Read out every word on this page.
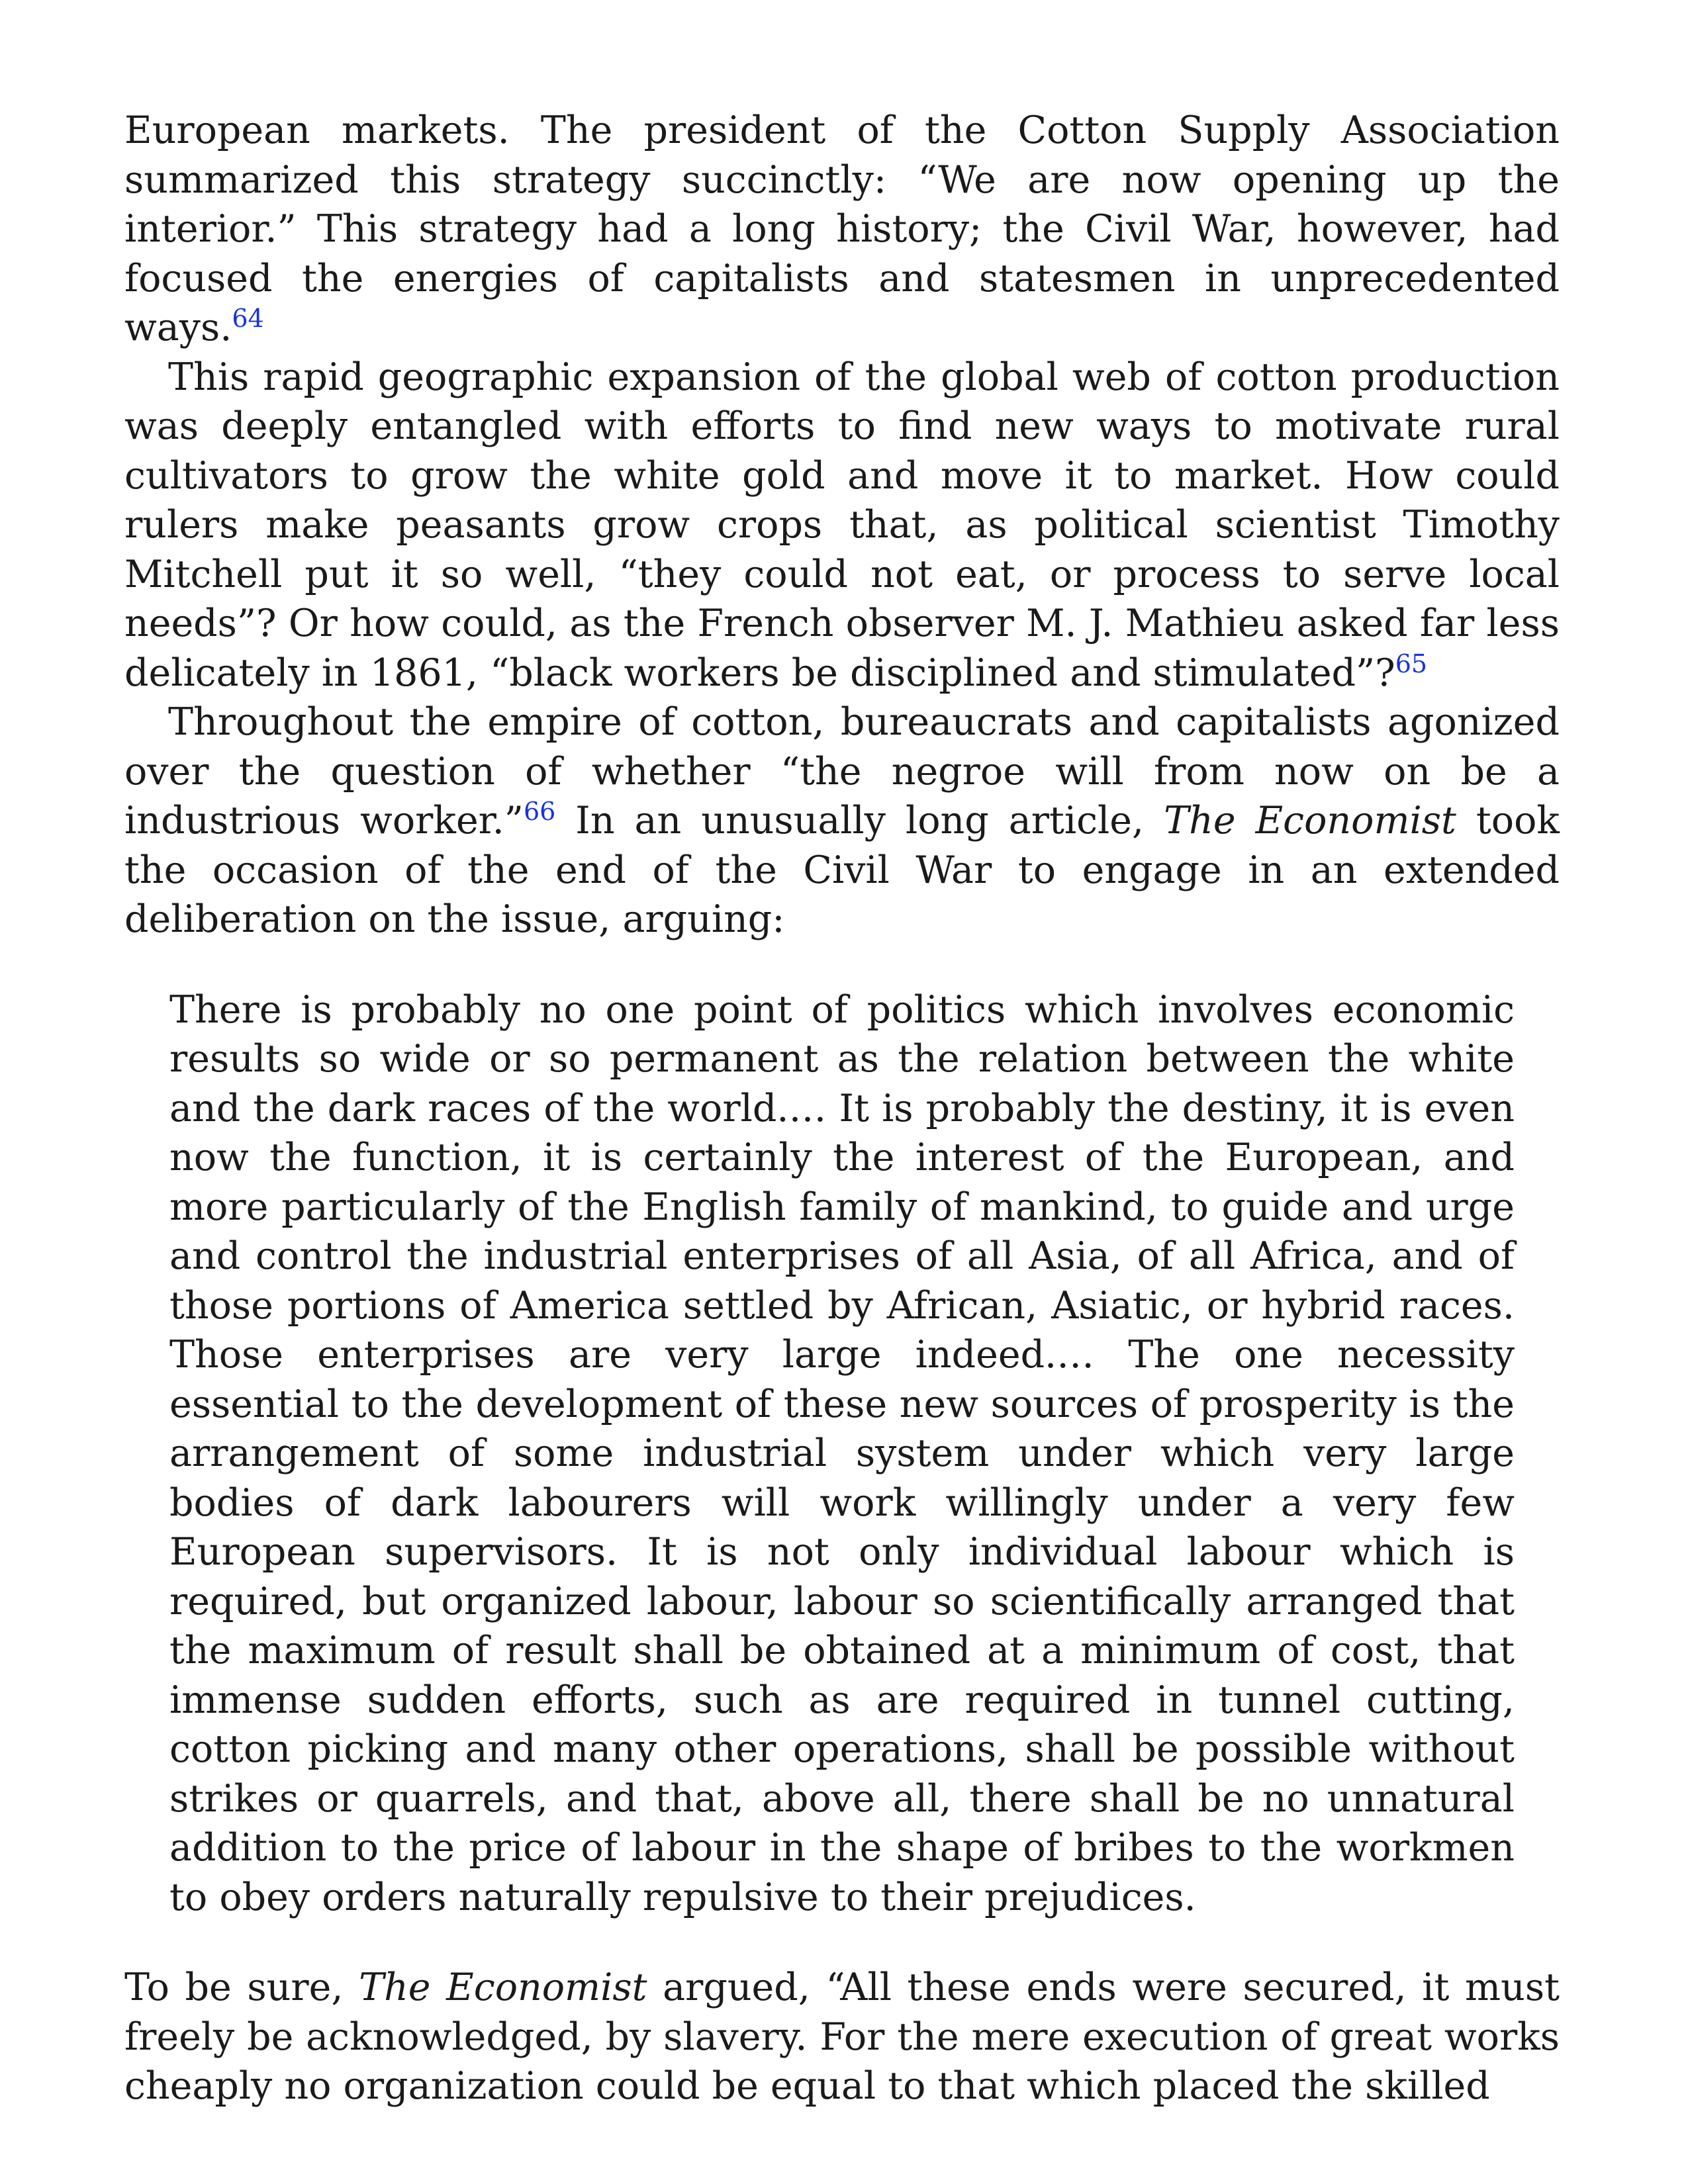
European markets. The president of the Cotton Supply Association summarized this strategy succinctly: “We are now opening up the interior.” This strategy had a long history; the Civil War, however, had focused the energies of capitalists and statesmen in unprecedented ways.$^{64}$

This rapid geographic expansion of the global web of cotton production was deeply entangled with efforts to find new ways to motivate rural cultivators to grow the white gold and move it to market. How could rulers make peasants grow crops that, as political scientist Timothy Mitchell put it so well, “they could not eat, or process to serve local needs”? Or how could, as the French observer M. J. Mathieu asked far less delicately in 1861, “black workers be disciplined and stimulated”?$^{65}$

Throughout the empire of cotton, bureaucrats and capitalists agonized over the question of whether “the negroe will from now on be a industrious worker.”$^{66}$ In an unusually long article, The Economist took the occasion of the end of the Civil War to engage in an extended deliberation on the issue, arguing:

There is probably no one point of politics which involves economic results so wide or so permanent as the relation between the white and the dark races of the world.… It is probably the destiny, it is even now the function, it is certainly the interest of the European, and more particularly of the English family of mankind, to guide and urge and control the industrial enterprises of all Asia, of all Africa, and of those portions of America settled by African, Asiatic, or hybrid races. Those enterprises are very large indeed.… The one necessity essential to the development of these new sources of prosperity is the arrangement of some industrial system under which very large bodies of dark labourers will work willingly under a very few European supervisors. It is not only individual labour which is required, but organized labour, labour so scientifically arranged that the maximum of result shall be obtained at a minimum of cost, that immense sudden efforts, such as are required in tunnel cutting, cotton picking and many other operations, shall be possible without strikes or quarrels, and that, above all, there shall be no unnatural addition to the price of labour in the shape of bribes to the workmen to obey orders naturally repulsive to their prejudices.

To be sure, The Economist argued, “All these ends were secured, it must freely be acknowledged, by slavery. For the mere execution of great works cheaply no organization could be equal to that which placed the skilled
